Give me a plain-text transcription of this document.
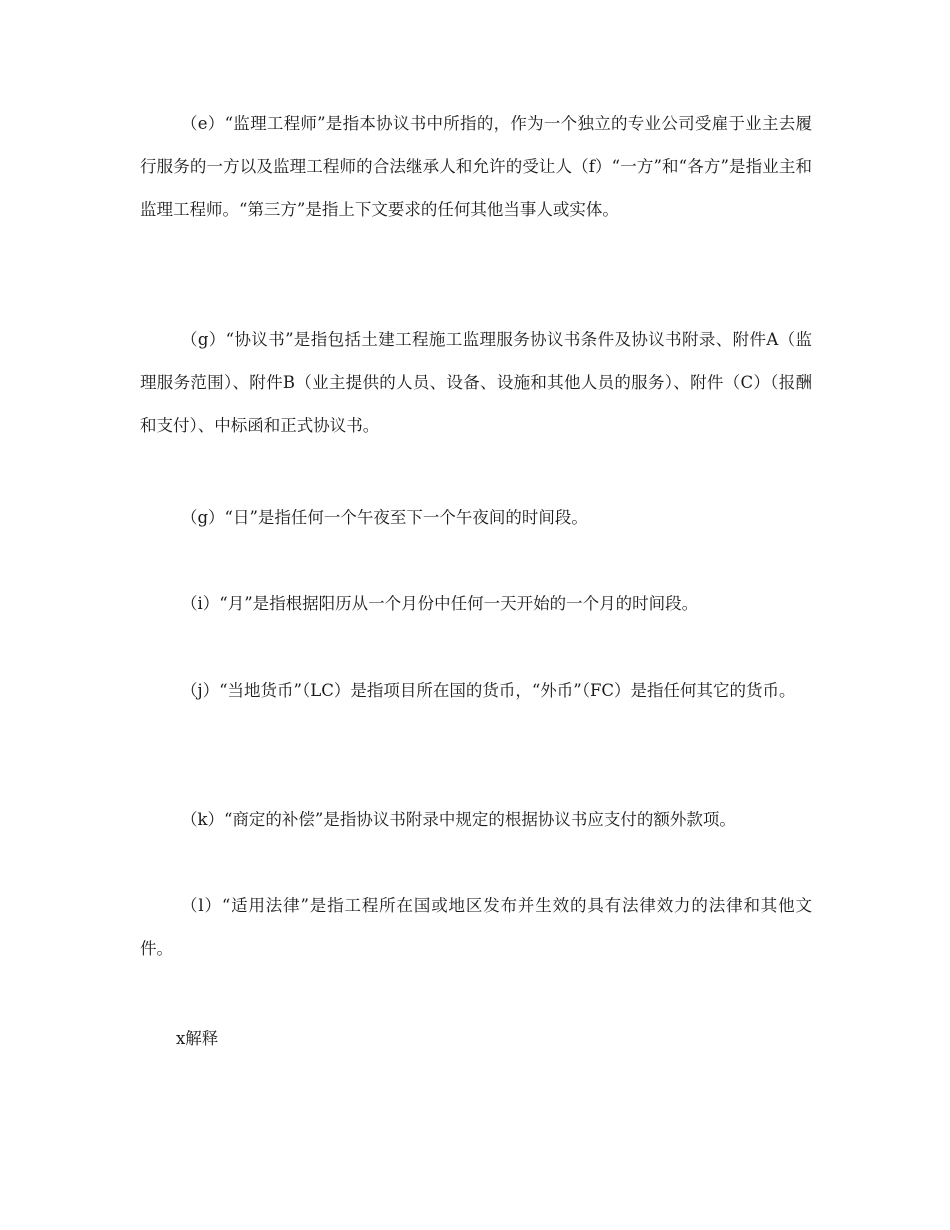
（e）“监理工程师”是指本协议书中所指的，作为一个独立的专业公司受雇于业主去履行服务的一方以及监理工程师的合法继承人和允许的受让人（f）“一方”和“各方”是指业主和监理工程师。“第三方”是指上下文要求的任何其他当事人或实体。

（g）“协议书”是指包括土建工程施工监理服务协议书条件及协议书附录、附件A（监理服务范围）、附件B（业主提供的人员、设备、设施和其他人员的服务）、附件（C）（报酬和支付）、中标函和正式协议书。

（g）“日”是指任何一个午夜至下一个午夜间的时间段。

（i）“月”是指根据阳历从一个月份中任何一天开始的一个月的时间段。

（j）“当地货币”（LC）是指项目所在国的货币，“外币”（FC）是指任何其它的货币。

（k）“商定的补偿”是指协议书附录中规定的根据协议书应支付的额外款项。

（l）“适用法律”是指工程所在国或地区发布并生效的具有法律效力的法律和其他文件。

x解释
